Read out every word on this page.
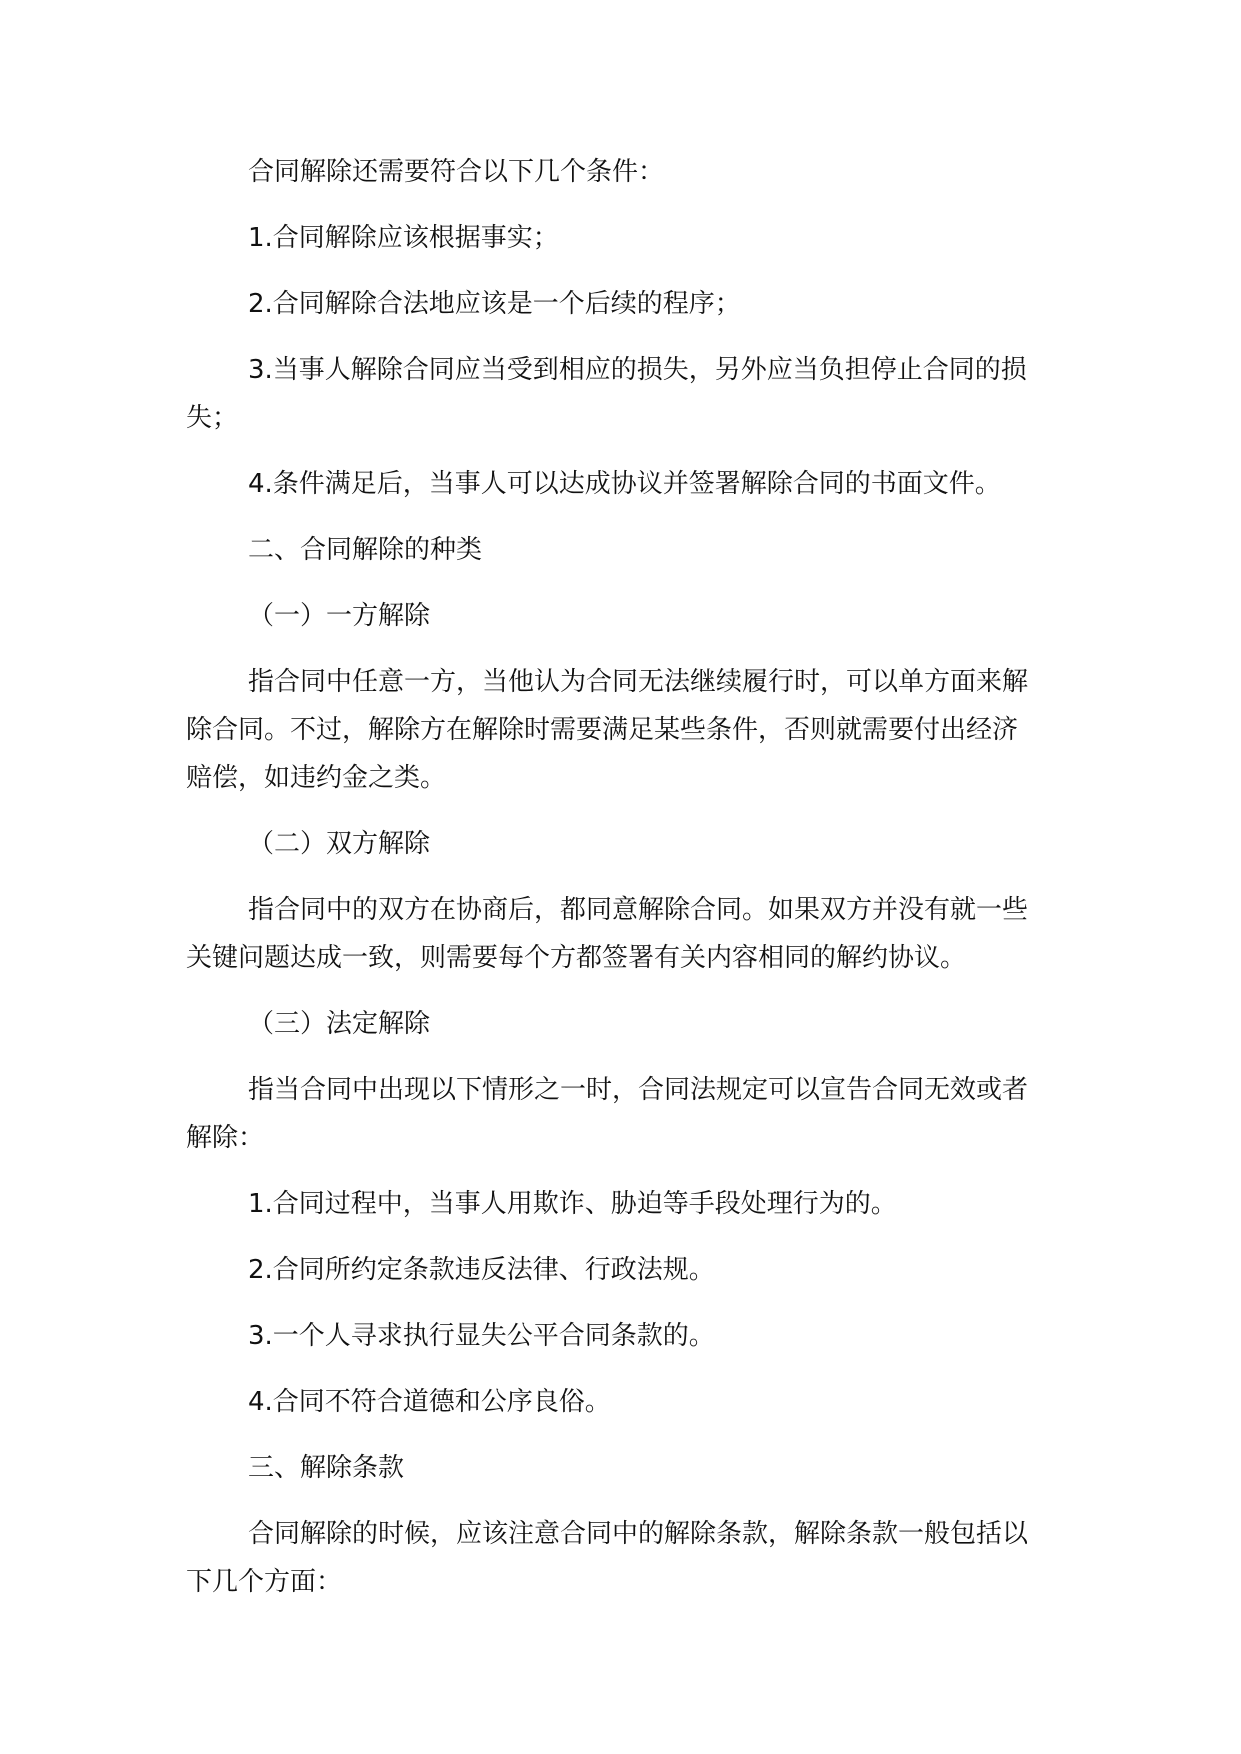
合同解除还需要符合以下几个条件：

1.合同解除应该根据事实；

2.合同解除合法地应该是一个后续的程序；

3.当事人解除合同应当受到相应的损失，另外应当负担停止合同的损失；

4.条件满足后，当事人可以达成协议并签署解除合同的书面文件。

二、合同解除的种类

（一）一方解除

指合同中任意一方，当他认为合同无法继续履行时，可以单方面来解除合同。不过，解除方在解除时需要满足某些条件，否则就需要付出经济赔偿，如违约金之类。

（二）双方解除

指合同中的双方在协商后，都同意解除合同。如果双方并没有就一些关键问题达成一致，则需要每个方都签署有关内容相同的解约协议。

（三）法定解除

指当合同中出现以下情形之一时，合同法规定可以宣告合同无效或者解除：

1.合同过程中，当事人用欺诈、胁迫等手段处理行为的。

2.合同所约定条款违反法律、行政法规。

3.一个人寻求执行显失公平合同条款的。

4.合同不符合道德和公序良俗。

三、解除条款

合同解除的时候，应该注意合同中的解除条款，解除条款一般包括以下几个方面：
